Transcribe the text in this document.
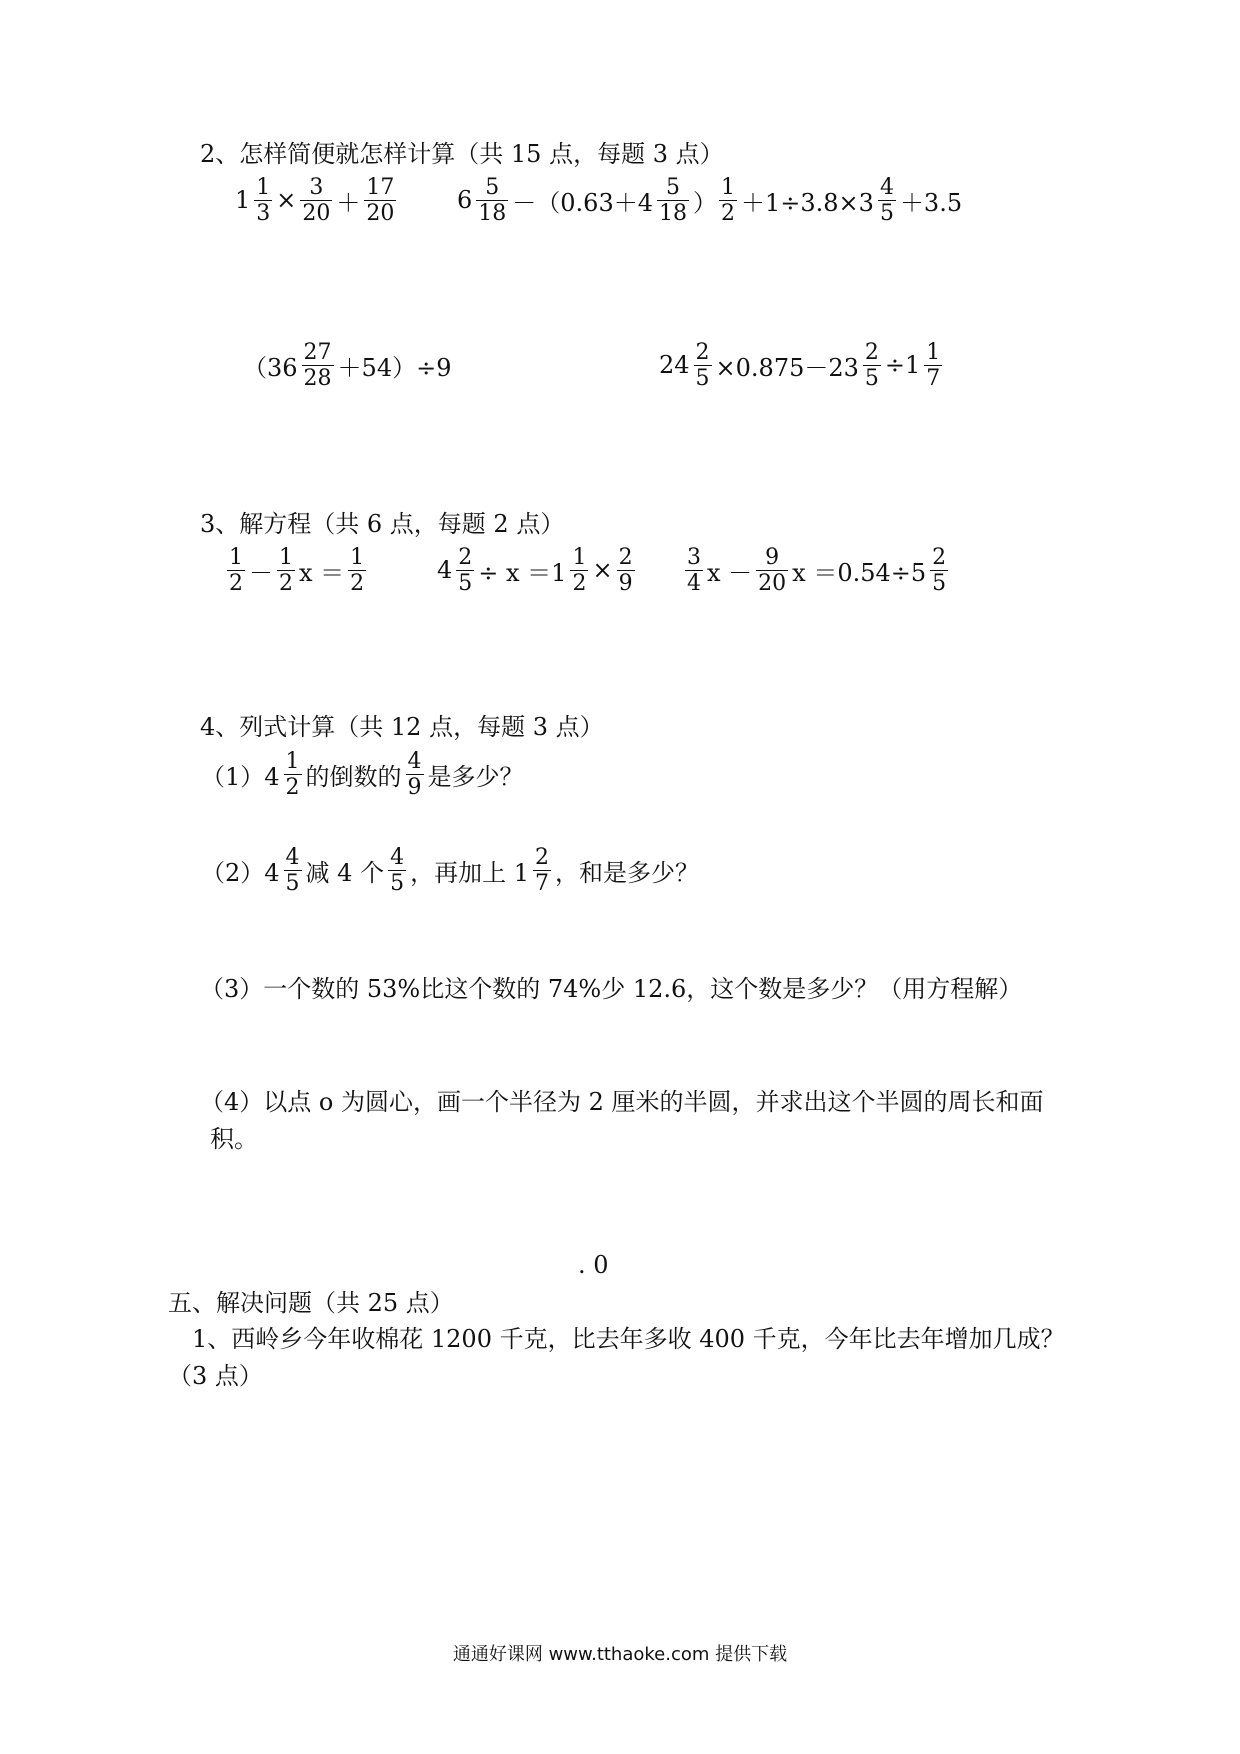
2、怎样简便就怎样计算（共 15 点，每题 3 点）
$1 \frac{1}{3} \times \frac{3}{20} + \frac{17}{20}$	$6 \frac{5}{18} -(0.63+4 \frac{5}{18}$ ） $\frac{1}{2} +1\div 3.8\times 3 \frac{4}{5} +3.5$
$(36 \frac{27}{28} +54)\div 9$	$24 \frac{2}{5} \times 0.875-23 \frac{2}{5} \div 1 \frac{1}{7}$
3、解方程（共 6 点，每题 2 点）
$\frac{1}{2} - \frac{1}{2}$ $x = \frac{1}{2}$	$4 \frac{2}{5} \div x =1 \frac{1}{2} \times \frac{2}{9} \frac{3}{4}$ $x - \frac{9}{20}$ $x =0.54\div 5 \frac{2}{5}$
4、列式计算（共 12 点，每题 3 点）
$(1)4 \frac{1}{2}$ 的倒数的 $\frac{4}{9}$ 是多少？
$(2)4 \frac{4}{5}$ 减 4 个 $\frac{4}{5}$ ，再加上 $1 \frac{2}{7}$ ，和是多少？
（3）一个数的 53%比这个数的 74%少 12.6，这个数是多少？（用方程解）
（4）以点 o 为圆心，画一个半径为 2 厘米的半圆，并求出这个半圆的周长和面
积。
. 0
五、解决问题（共 25 点）
1、西岭乡今年收棉花 1200 千克，比去年多收 400 千克，今年比去年增加几成？
（3 点）
通通好课网 www.tthaoke.com 提供下载
